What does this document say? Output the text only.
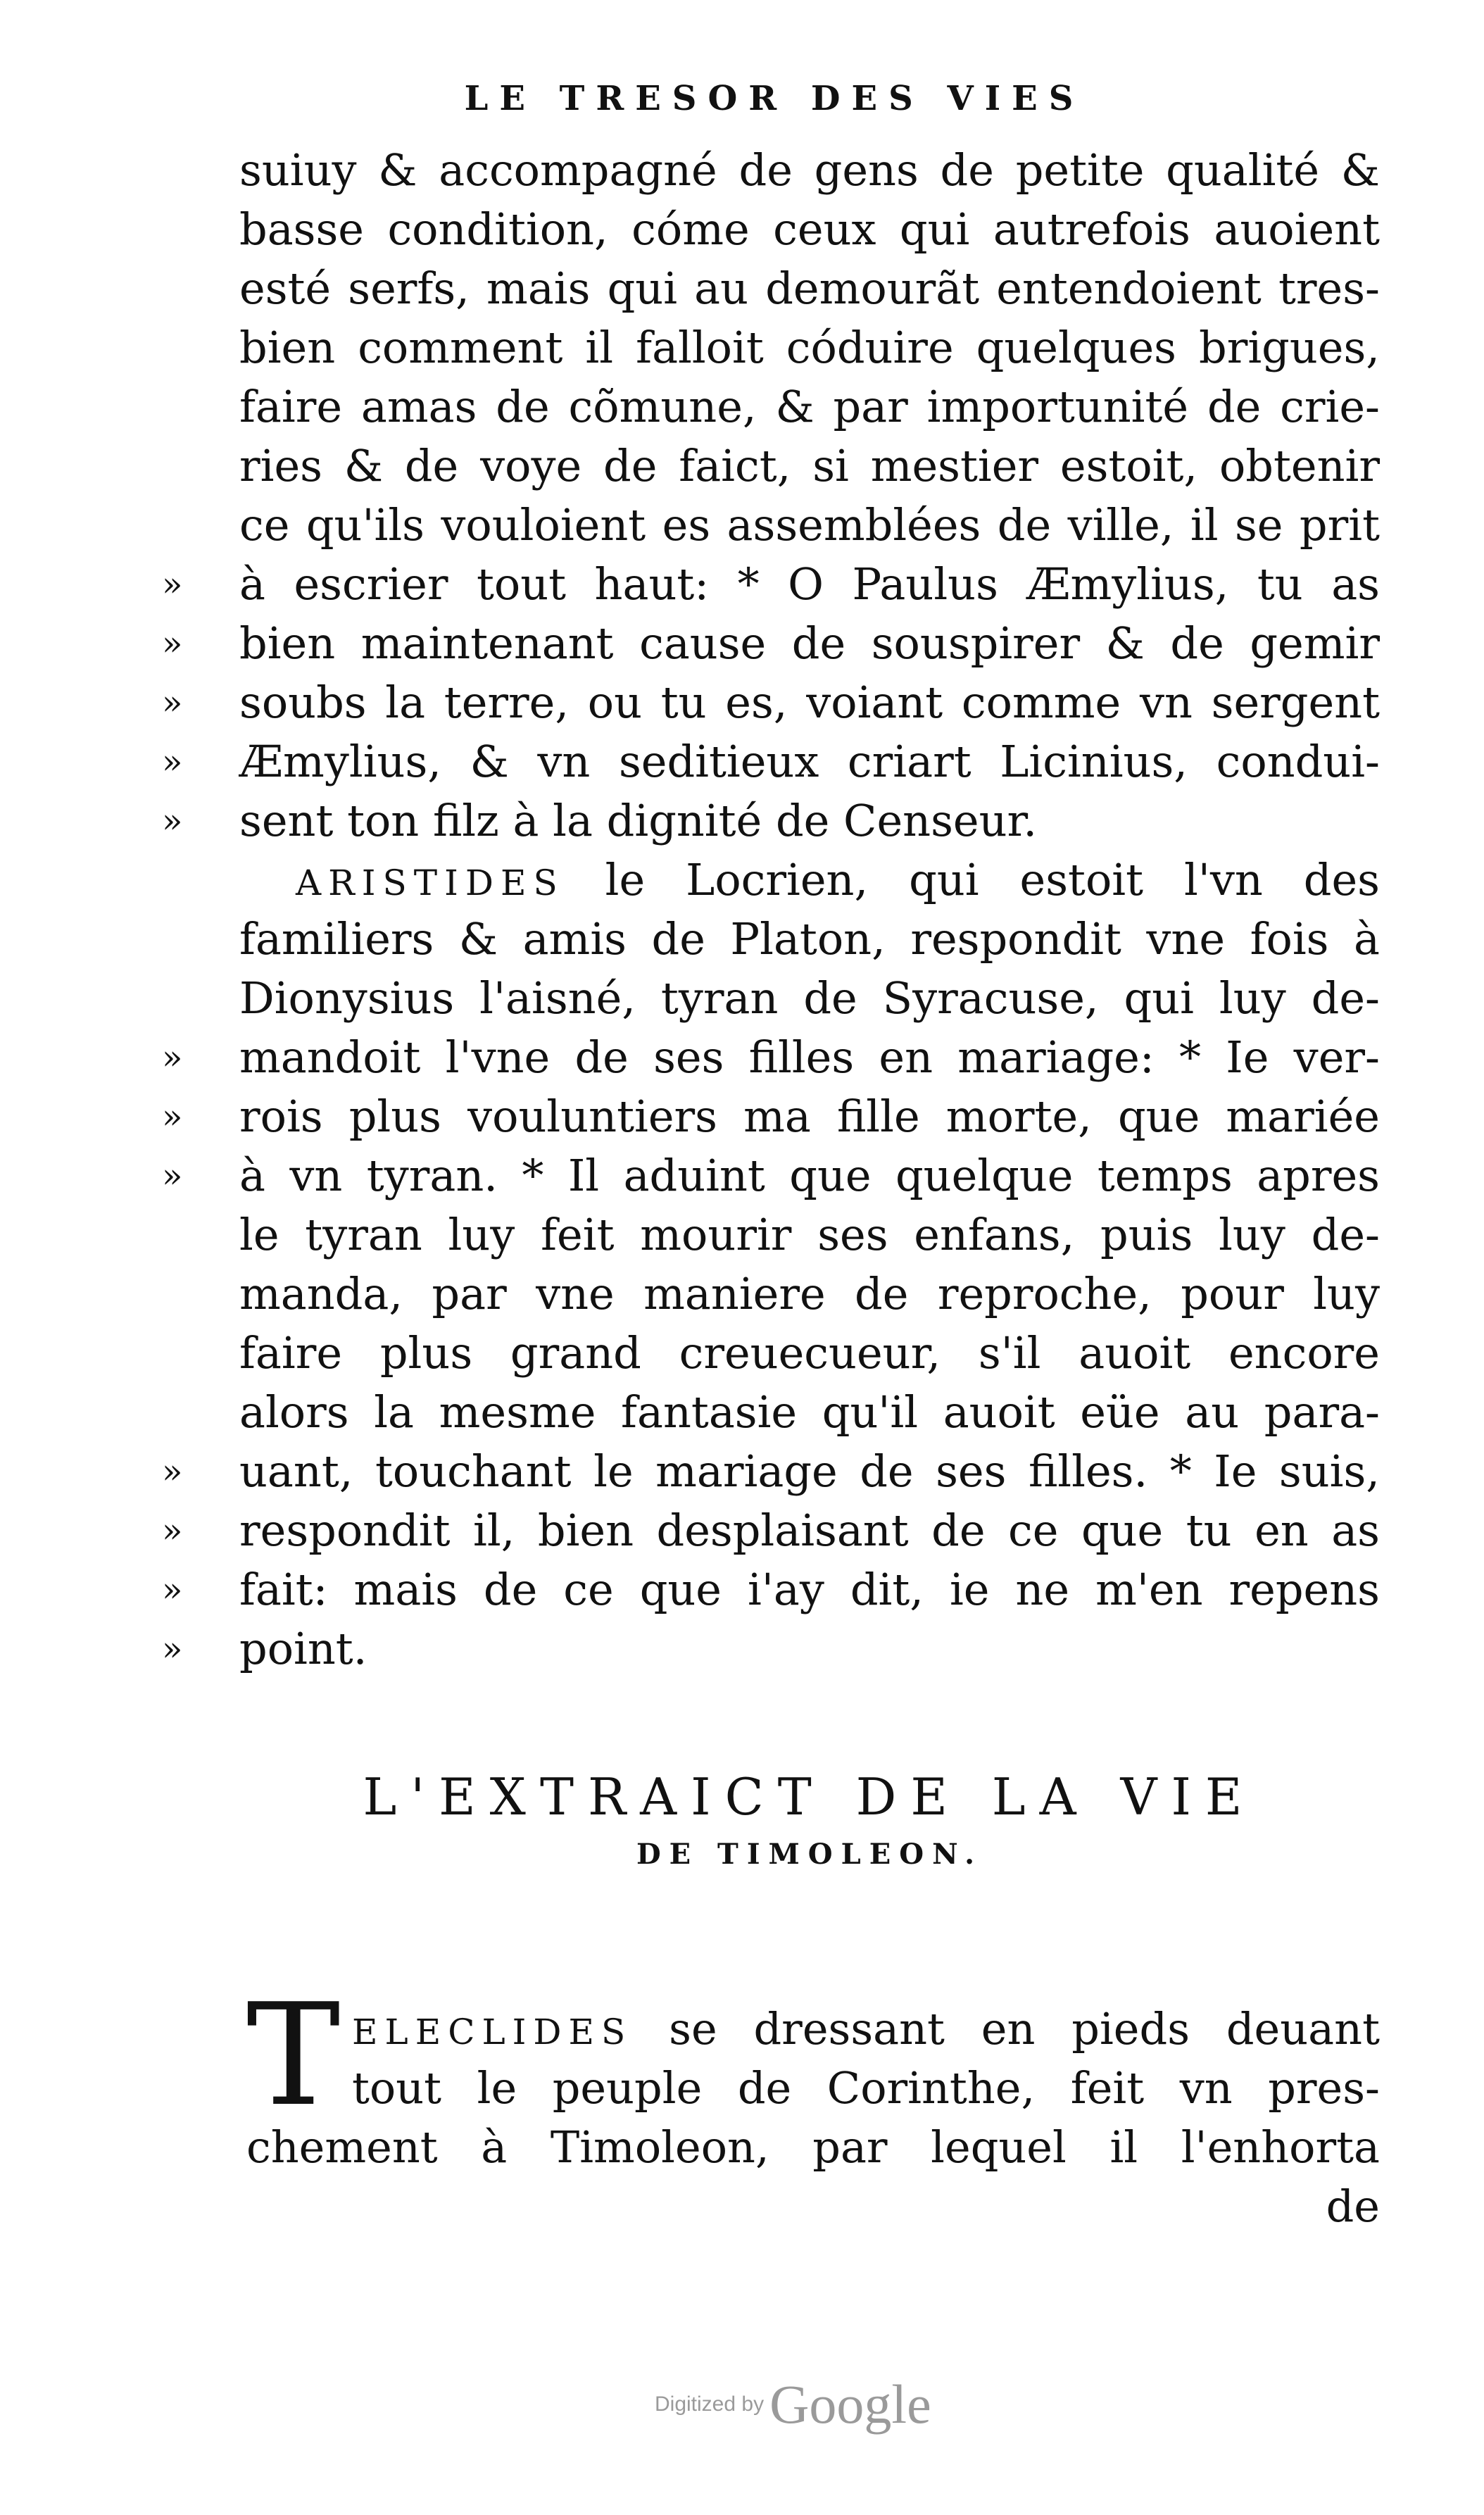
LE TRESOR DES VIES
suiuy & accompagné de gens de petite qualité &
basse condition, cóme ceux qui autrefois auoient
esté serfs, mais qui au demourãt entendoient tres-
bien comment il falloit códuire quelques brigues,
faire amas de cõmune, & par importunité de crie-
ries & de voye de faict, si mestier estoit, obtenir
ce qu'ils vouloient es assemblées de ville, il se prit
»	à escrier tout haut: * O Paulus Æmylius, tu as
»	bien maintenant cause de souspirer & de gemir
»	soubs la terre, ou tu es, voiant comme vn sergent
»	Æmylius, & vn seditieux criart Licinius, condui-
»	sent ton filz à la dignité de Censeur.
ARISTIDES le Locrien, qui estoit l'vn des
familiers & amis de Platon, respondit vne fois à
Dionysius l'aisné, tyran de Syracuse, qui luy de-
»	mandoit l'vne de ses filles en mariage: * Ie ver-
»	rois plus vouluntiers ma fille morte, que mariée
»	à vn tyran. * Il aduint que quelque temps apres
le tyran luy feit mourir ses enfans, puis luy de-
manda, par vne maniere de reproche, pour luy
faire plus grand creuecueur, s'il auoit encore
alors la mesme fantasie qu'il auoit eüe au para-
»	uant, touchant le mariage de ses filles. * Ie suis,
»	respondit il, bien desplaisant de ce que tu en as
»	fait: mais de ce que i'ay dit, ie ne m'en repens
»	point.
L'EXTRAICT DE LA VIE
DE TIMOLEON.
T ELECLIDES se dressant en pieds deuant
tout le peuple de Corinthe, feit vn pres-
chement à Timoleon, par lequel il l'enhorta
de
Digitized by Google
